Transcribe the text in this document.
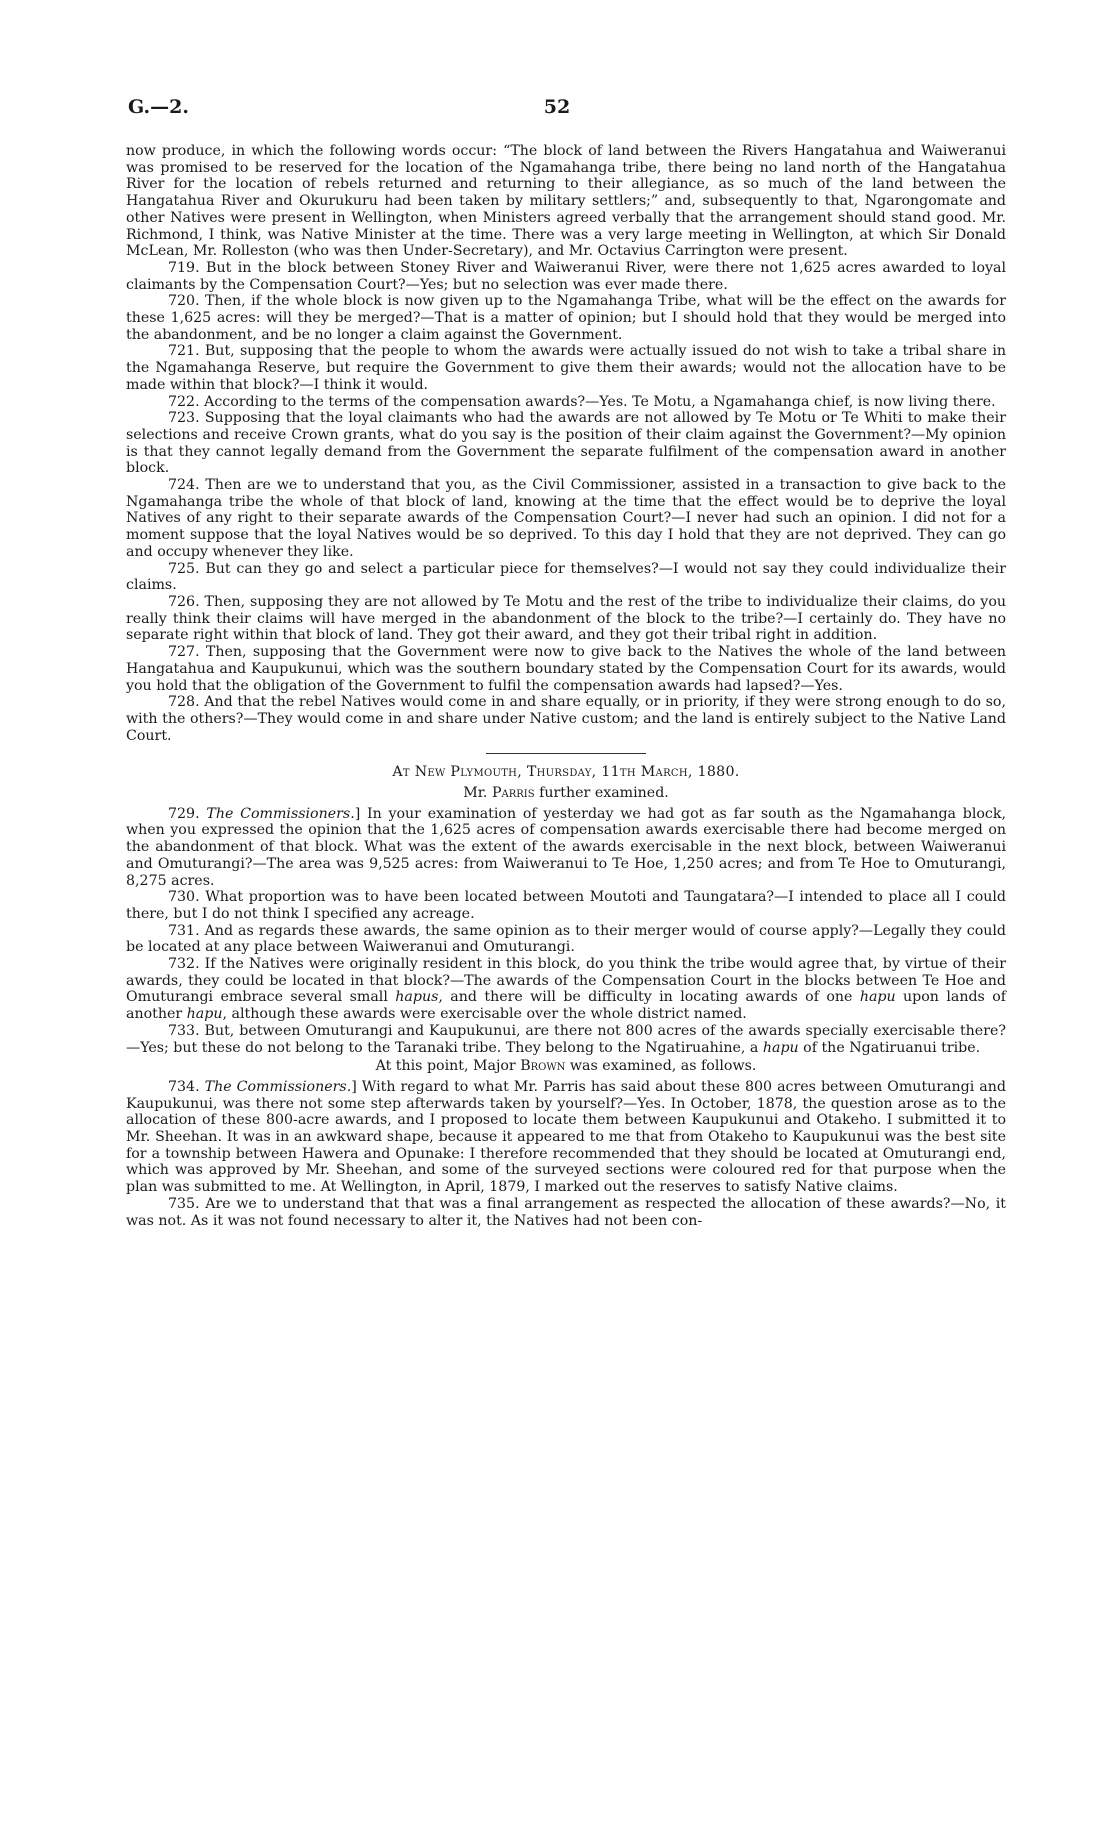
G.—2.	52

now produce, in which the following words occur: “The block of land between the Rivers Hangatahua and Waiweranui was promised to be reserved for the location of the Ngamahanga tribe, there being no land north of the Hangatahua River for the location of rebels returned and returning to their allegiance, as so much of the land between the Hangatahua River and Okurukuru had been taken by military settlers;” and, subsequently to that, Ngarongomate and other Natives were present in Wellington, when Ministers agreed verbally that the arrangement should stand good. Mr. Richmond, I think, was Native Minister at the time. There was a very large meeting in Wellington, at which Sir Donald McLean, Mr. Rolleston (who was then Under-Secretary), and Mr. Octavius Carrington were present.

719. But in the block between Stoney River and Waiweranui River, were there not 1,625 acres awarded to loyal claimants by the Compensation Court?—Yes; but no selection was ever made there.

720. Then, if the whole block is now given up to the Ngamahanga Tribe, what will be the effect on the awards for these 1,625 acres: will they be merged?—That is a matter of opinion; but I should hold that they would be merged into the abandonment, and be no longer a claim against the Government.

721. But, supposing that the people to whom the awards were actually issued do not wish to take a tribal share in the Ngamahanga Reserve, but require the Government to give them their awards; would not the allocation have to be made within that block?—I think it would.

722. According to the terms of the compensation awards?—Yes. Te Motu, a Ngamahanga chief, is now living there.

723. Supposing that the loyal claimants who had the awards are not allowed by Te Motu or Te Whiti to make their selections and receive Crown grants, what do you say is the position of their claim against the Government?—My opinion is that they cannot legally demand from the Government the separate fulfilment of the compensation award in another block.

724. Then are we to understand that you, as the Civil Commissioner, assisted in a transaction to give back to the Ngamahanga tribe the whole of that block of land, knowing at the time that the effect would be to deprive the loyal Natives of any right to their separate awards of the Compensation Court?—I never had such an opinion. I did not for a moment suppose that the loyal Natives would be so deprived. To this day I hold that they are not deprived. They can go and occupy whenever they like.

725. But can they go and select a particular piece for themselves?—I would not say they could individualize their claims.

726. Then, supposing they are not allowed by Te Motu and the rest of the tribe to individualize their claims, do you really think their claims will have merged in the abandonment of the block to the tribe?—I certainly do. They have no separate right within that block of land. They got their award, and they got their tribal right in addition.

727. Then, supposing that the Government were now to give back to the Natives the whole of the land between Hangatahua and Kaupukunui, which was the southern boundary stated by the Compensation Court for its awards, would you hold that the obligation of the Government to fulfil the compensation awards had lapsed?—Yes.

728. And that the rebel Natives would come in and share equally, or in priority, if they were strong enough to do so, with the others?—They would come in and share under Native custom; and the land is entirely subject to the Native Land Court.

At New Plymouth, Thursday, 11th March, 1880.

Mr. Parris further examined.

729. The Commissioners.] In your examination of yesterday we had got as far south as the Ngamahanga block, when you expressed the opinion that the 1,625 acres of compensation awards exercisable there had become merged on the abandonment of that block. What was the extent of the awards exercisable in the next block, between Waiweranui and Omuturangi?—The area was 9,525 acres: from Waiweranui to Te Hoe, 1,250 acres; and from Te Hoe to Omuturangi, 8,275 acres.

730. What proportion was to have been located between Moutoti and Taungatara?—I intended to place all I could there, but I do not think I specified any acreage.

731. And as regards these awards, the same opinion as to their merger would of course apply?—Legally they could be located at any place between Waiweranui and Omuturangi.

732. If the Natives were originally resident in this block, do you think the tribe would agree that, by virtue of their awards, they could be located in that block?—The awards of the Compensation Court in the blocks between Te Hoe and Omuturangi embrace several small hapus, and there will be difficulty in locating awards of one hapu upon lands of another hapu, although these awards were exercisable over the whole district named.

733. But, between Omuturangi and Kaupukunui, are there not 800 acres of the awards specially exercisable there?—Yes; but these do not belong to the Taranaki tribe. They belong to the Ngatiruahine, a hapu of the Ngatiruanui tribe.

At this point, Major Brown was examined, as follows.

734. The Commissioners.] With regard to what Mr. Parris has said about these 800 acres between Omuturangi and Kaupukunui, was there not some step afterwards taken by yourself?—Yes. In October, 1878, the question arose as to the allocation of these 800-acre awards, and I proposed to locate them between Kaupukunui and Otakeho. I submitted it to Mr. Sheehan. It was in an awkward shape, because it appeared to me that from Otakeho to Kaupukunui was the best site for a township between Hawera and Opunake: I therefore recommended that they should be located at Omuturangi end, which was approved by Mr. Sheehan, and some of the surveyed sections were coloured red for that purpose when the plan was submitted to me. At Wellington, in April, 1879, I marked out the reserves to satisfy Native claims.

735. Are we to understand that that was a final arrangement as respected the allocation of these awards?—No, it was not. As it was not found necessary to alter it, the Natives had not been con-
